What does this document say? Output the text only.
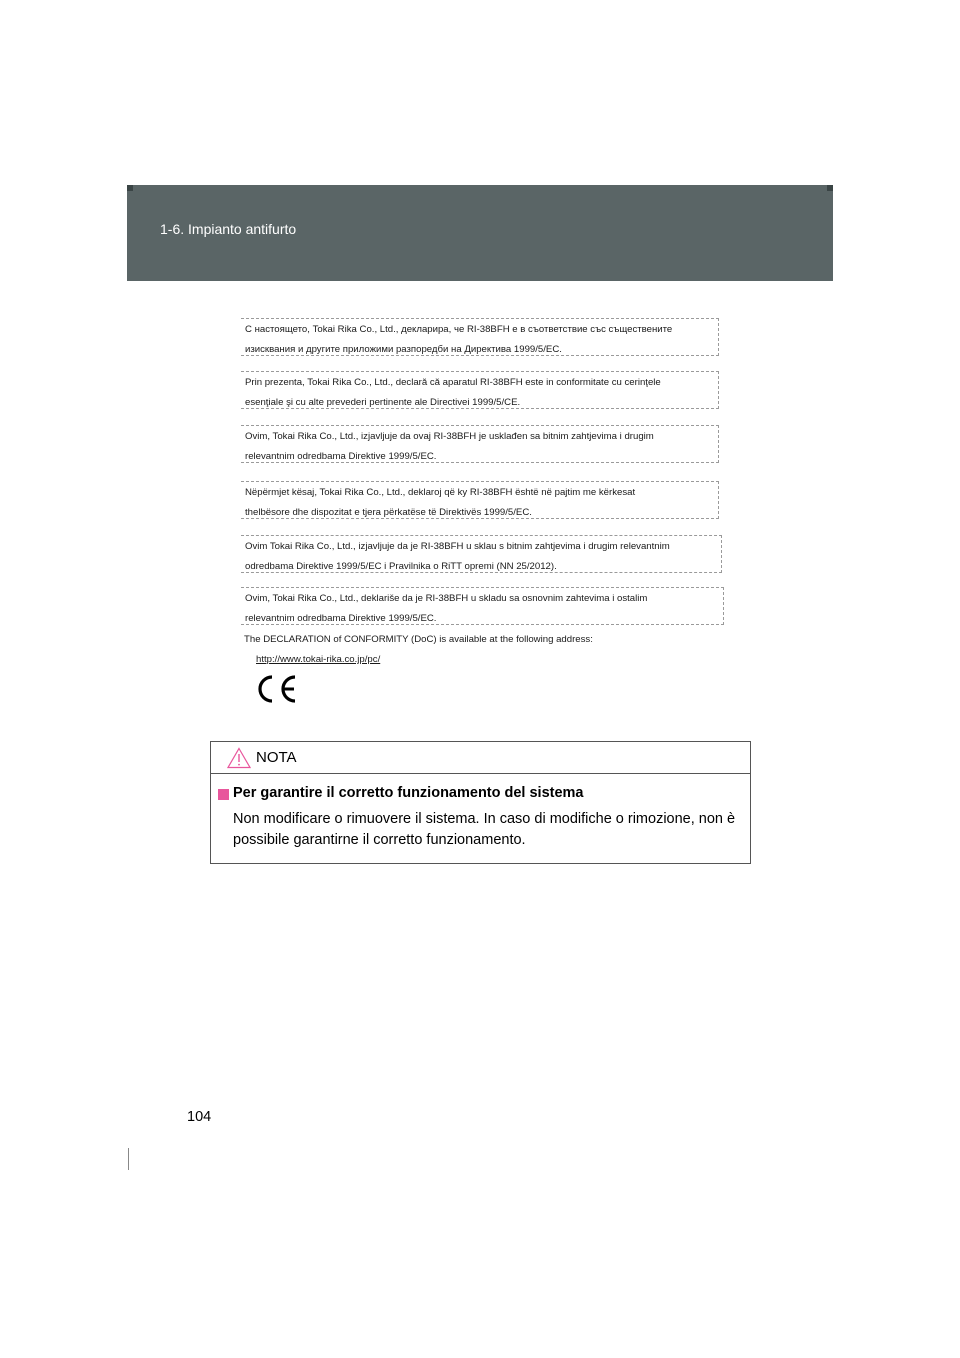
1-6. Impianto antifurto
С настоящето, Tokai Rika Co., Ltd., декларира, че RI-38BFH е в съответствие със съществените
изисквания и другите приложими разпоредби на Директива 1999/5/ЕС.
Prin prezenta, Tokai Rika Co., Ltd., declară că aparatul RI-38BFH este in conformitate cu cerinţele
esenţiale şi cu alte prevederi pertinente ale Directivei 1999/5/CE.
Ovim, Tokai Rika Co., Ltd., izjavljuje da ovaj RI-38BFH je usklađen sa bitnim zahtjevima i drugim
relevantnim odredbama Direktive 1999/5/EC.
Nëpërmjet kësaj, Tokai Rika Co., Ltd., deklaroj që ky RI-38BFH është në pajtim me kërkesat
thelbësore dhe dispozitat e tjera përkatëse të Direktivës 1999/5/EC.
Ovim Tokai Rika Co., Ltd., izjavljuje da je RI-38BFH u sklau s bitnim zahtjevima i drugim relevantnim
odredbama Direktive 1999/5/EC i Pravilnika o RiTT opremi (NN 25/2012).
Ovim, Tokai Rika Co., Ltd., deklariše da je RI-38BFH u skladu sa osnovnim zahtevima i ostalim
relevantnim odredbama Direktive 1999/5/EC.
The DECLARATION of CONFORMITY (DoC) is available at the following address:
http://www.tokai-rika.co.jp/pc/
NOTA
Per garantire il corretto funzionamento del sistema
Non modificare o rimuovere il sistema. In caso di modifiche o rimozione, non è possibile garantirne il corretto funzionamento.
104
